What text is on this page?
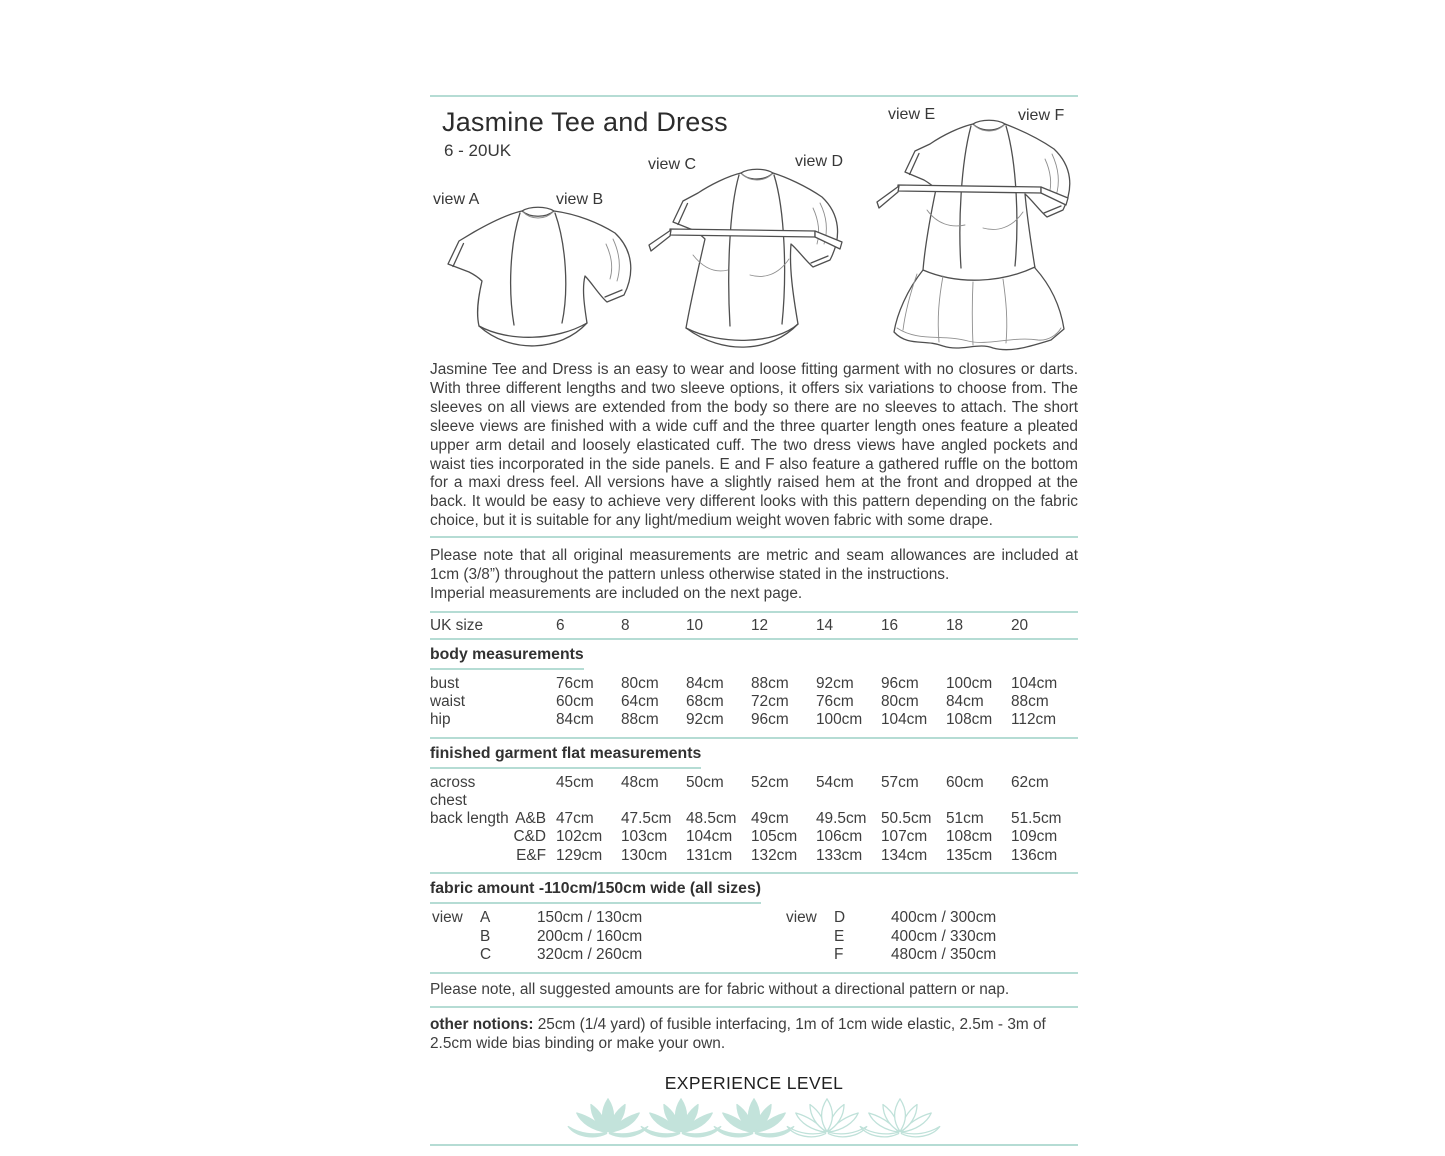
Jasmine Tee and Dress
6 - 20UK
view A	view B
view C	view D
view E	view F

Jasmine Tee and Dress is an easy to wear and loose fitting garment with no closures or darts. With three different lengths and two sleeve options, it offers six variations to choose from. The sleeves on all views are extended from the body so there are no sleeves to attach. The short sleeve views are finished with a wide cuff and the three quarter length ones feature a pleated upper arm detail and loosely elasticated cuff. The two dress views have angled pockets and waist ties incorporated in the side panels. E and F also feature a gathered ruffle on the bottom for a maxi dress feel. All versions have a slightly raised hem at the front and dropped at the back. It would be easy to achieve very different looks with this pattern depending on the fabric choice, but it is suitable for any light/medium weight woven fabric with some drape.

Please note that all original measurements are metric and seam allowances are included at 1cm (3/8”) throughout the pattern unless otherwise stated in the instructions.
Imperial measurements are included on the next page.
UK size	6	8	10	12	14	16	18	20
body measurements
bust	76cm	80cm	84cm	88cm	92cm	96cm	100cm	104cm
waist	60cm	64cm	68cm	72cm	76cm	80cm	84cm	88cm
hip	84cm	88cm	92cm	96cm	100cm	104cm	108cm	112cm
finished garment flat measurements
across chest
45cm	48cm	50cm	52cm	54cm	57cm	60cm	62cm
back length A&B 47cm	47.5cm 48.5cm 49cm	49.5cm 50.5cm 51cm	51.5cm
C&D 102cm	103cm	104cm	105cm	106cm	107cm	108cm	109cm
E&F 129cm	130cm	131cm	132cm	133cm	134cm	135cm	136cm
fabric amount -110cm/150cm wide (all sizes)
view	A	150cm / 130cm
B	200cm / 160cm
C	320cm / 260cm
view	D	400cm / 300cm
E	400cm / 330cm
F	480cm / 350cm
Please note, all suggested amounts are for fabric without a directional pattern or nap.

other notions: 25cm (1/4 yard) of fusible interfacing, 1m of 1cm wide elastic, 2.5m - 3m of 2.5cm wide bias binding or make your own.

EXPERIENCE LEVEL
